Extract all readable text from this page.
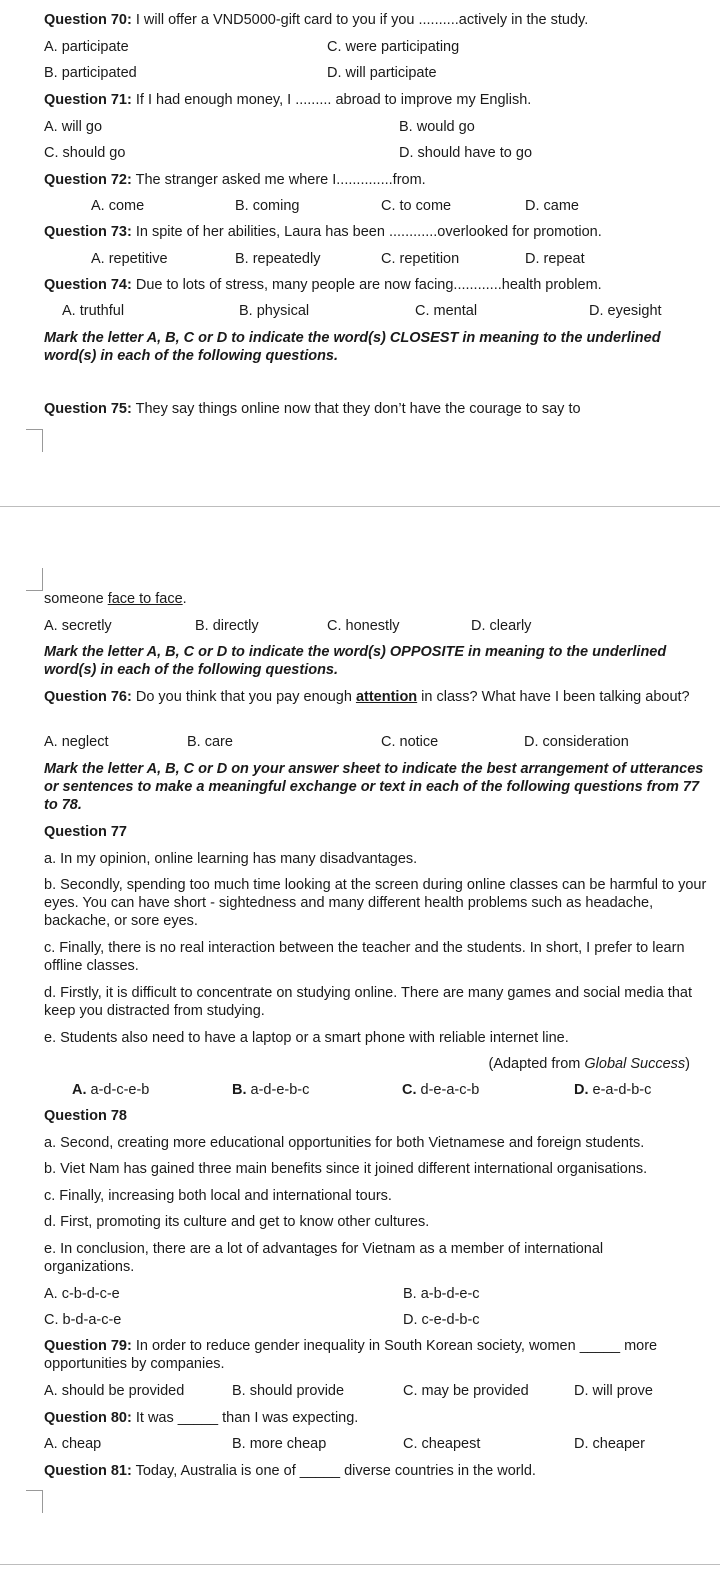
Question 70: I will offer a VND5000-gift card to you if you ..........actively in the study.
A. participate	C. were participating
B. participated	D. will participate
Question 71: If I had enough money, I ......... abroad to improve my English.
A. will go	B. would go
C. should go	D. should have to go
Question 72: The stranger asked me where I..............from.
A. come	B. coming	C. to come	D. came
Question 73: In spite of her abilities, Laura has been ............overlooked for promotion.
A. repetitive	B. repeatedly	C. repetition	D. repeat
Question 74: Due to lots of stress, many people are now facing............health problem.
A. truthful	B. physical	C. mental	D. eyesight
Mark the letter A, B, C or D to indicate the word(s) CLOSEST in meaning to the underlined word(s) in each of the following questions.
Question 75: They say things online now that they don’t have the courage to say to
someone face to face.
A. secretly	B. directly	C. honestly	D. clearly
Mark the letter A, B, C or D to indicate the word(s) OPPOSITE in meaning to the underlined word(s) in each of the following questions.
Question 76: Do you think that you pay enough attention in class? What have I been talking about?
A. neglect	B. care	C. notice	D. consideration
Mark the letter A, B, C or D on your answer sheet to indicate the best arrangement of utterances or sentences to make a meaningful exchange or text in each of the following questions from 77 to 78.
Question 77
a. In my opinion, online learning has many disadvantages.
b. Secondly, spending too much time looking at the screen during online classes can be harmful to your eyes. You can have short - sightedness and many different health problems such as headache, backache, or sore eyes.
c. Finally, there is no real interaction between the teacher and the students. In short, I prefer to learn offline classes.
d. Firstly, it is difficult to concentrate on studying online. There are many games and social media that keep you distracted from studying.
e. Students also need to have a laptop or a smart phone with reliable internet line.
(Adapted from Global Success)
A. a-d-c-e-b	B. a-d-e-b-c	C. d-e-a-c-b	D. e-a-d-b-c
Question 78
a. Second, creating more educational opportunities for both Vietnamese and foreign students.
b. Viet Nam has gained three main benefits since it joined different international organisations.
c. Finally, increasing both local and international tours.
d. First, promoting its culture and get to know other cultures.
e. In conclusion, there are a lot of advantages for Vietnam as a member of international organizations.
A. c-b-d-c-e	B. a-b-d-e-c
C. b-d-a-c-e	D. c-e-d-b-c
Question 79: In order to reduce gender inequality in South Korean society, women _____ more opportunities by companies.
A. should be provided	B. should provide	C. may be provided	D. will prove
Question 80: It was _____ than I was expecting.
A. cheap	B. more cheap	C. cheapest	D. cheaper
Question 81: Today, Australia is one of _____ diverse countries in the world.
